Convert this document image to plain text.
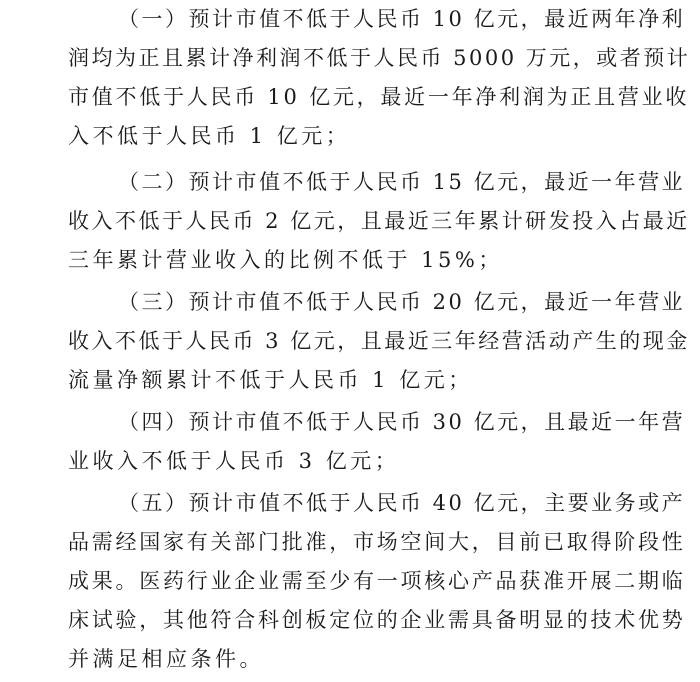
（一）预计市值不低于人民币 10 亿元，最近两年净利
润均为正且累计净利润不低于人民币 5000 万元，或者预计
市值不低于人民币 10 亿元，最近一年净利润为正且营业收
入不低于人民币 1 亿元；
（二）预计市值不低于人民币 15 亿元，最近一年营业
收入不低于人民币 2 亿元，且最近三年累计研发投入占最近
三年累计营业收入的比例不低于 15%；
（三）预计市值不低于人民币 20 亿元，最近一年营业
收入不低于人民币 3 亿元，且最近三年经营活动产生的现金
流量净额累计不低于人民币 1 亿元；
（四）预计市值不低于人民币 30 亿元，且最近一年营
业收入不低于人民币 3 亿元；
（五）预计市值不低于人民币 40 亿元，主要业务或产
品需经国家有关部门批准，市场空间大，目前已取得阶段性
成果。医药行业企业需至少有一项核心产品获准开展二期临
床试验，其他符合科创板定位的企业需具备明显的技术优势
并满足相应条件。
